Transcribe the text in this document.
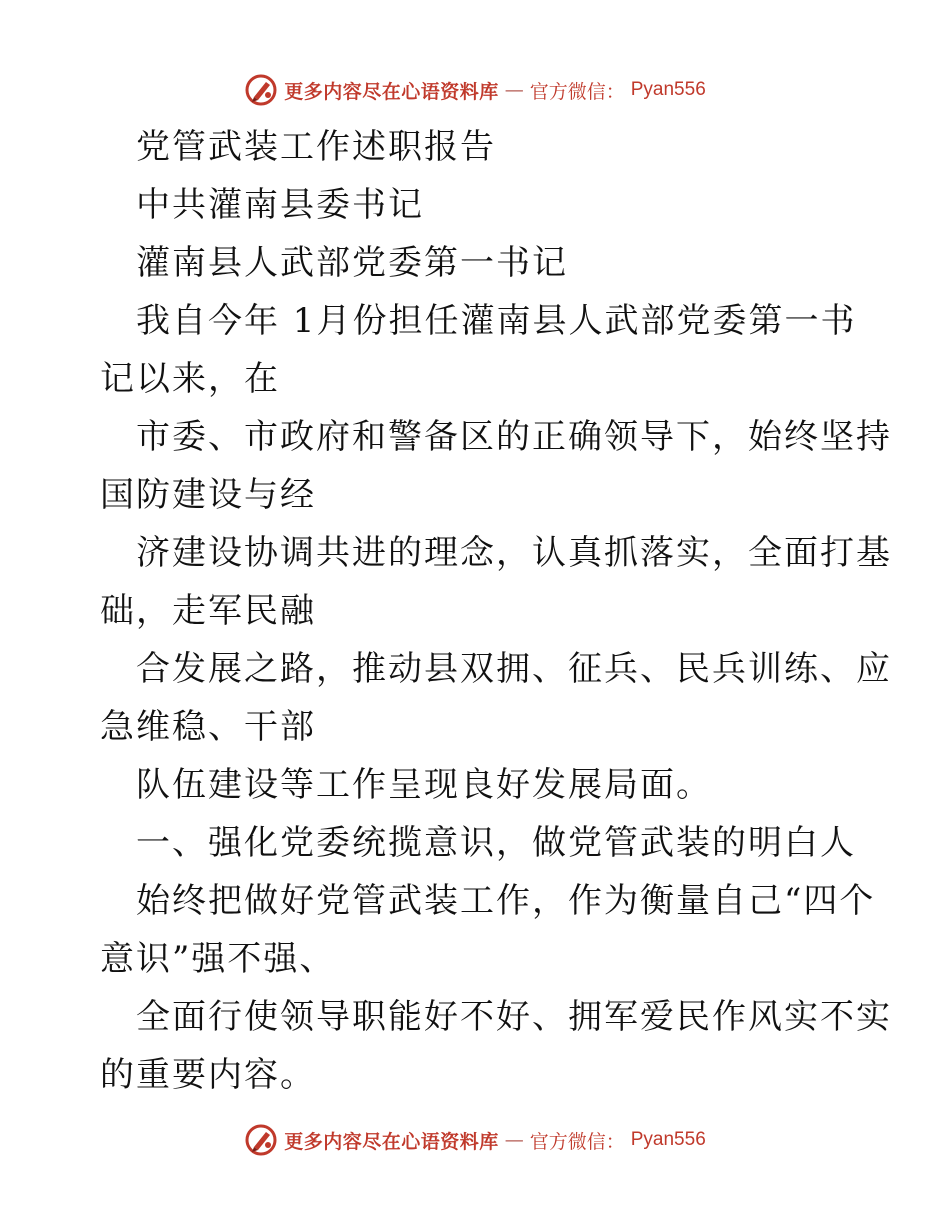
更多内容尽在心语资料库 — 官方微信： Pyan556
党管武装工作述职报告
中共灌南县委书记
灌南县人武部党委第一书记
我自今年 1月份担任灌南县人武部党委第一书
记以来，在
市委、市政府和警备区的正确领导下，始终坚持
国防建设与经
济建设协调共进的理念，认真抓落实，全面打基
础，走军民融
合发展之路，推动县双拥、征兵、民兵训练、应
急维稳、干部
队伍建设等工作呈现良好发展局面。
一、强化党委统揽意识，做党管武装的明白人
始终把做好党管武装工作，作为衡量自己“四个
意识”强不强、
全面行使领导职能好不好、拥军爱民作风实不实
的重要内容。
更多内容尽在心语资料库 — 官方微信： Pyan556
